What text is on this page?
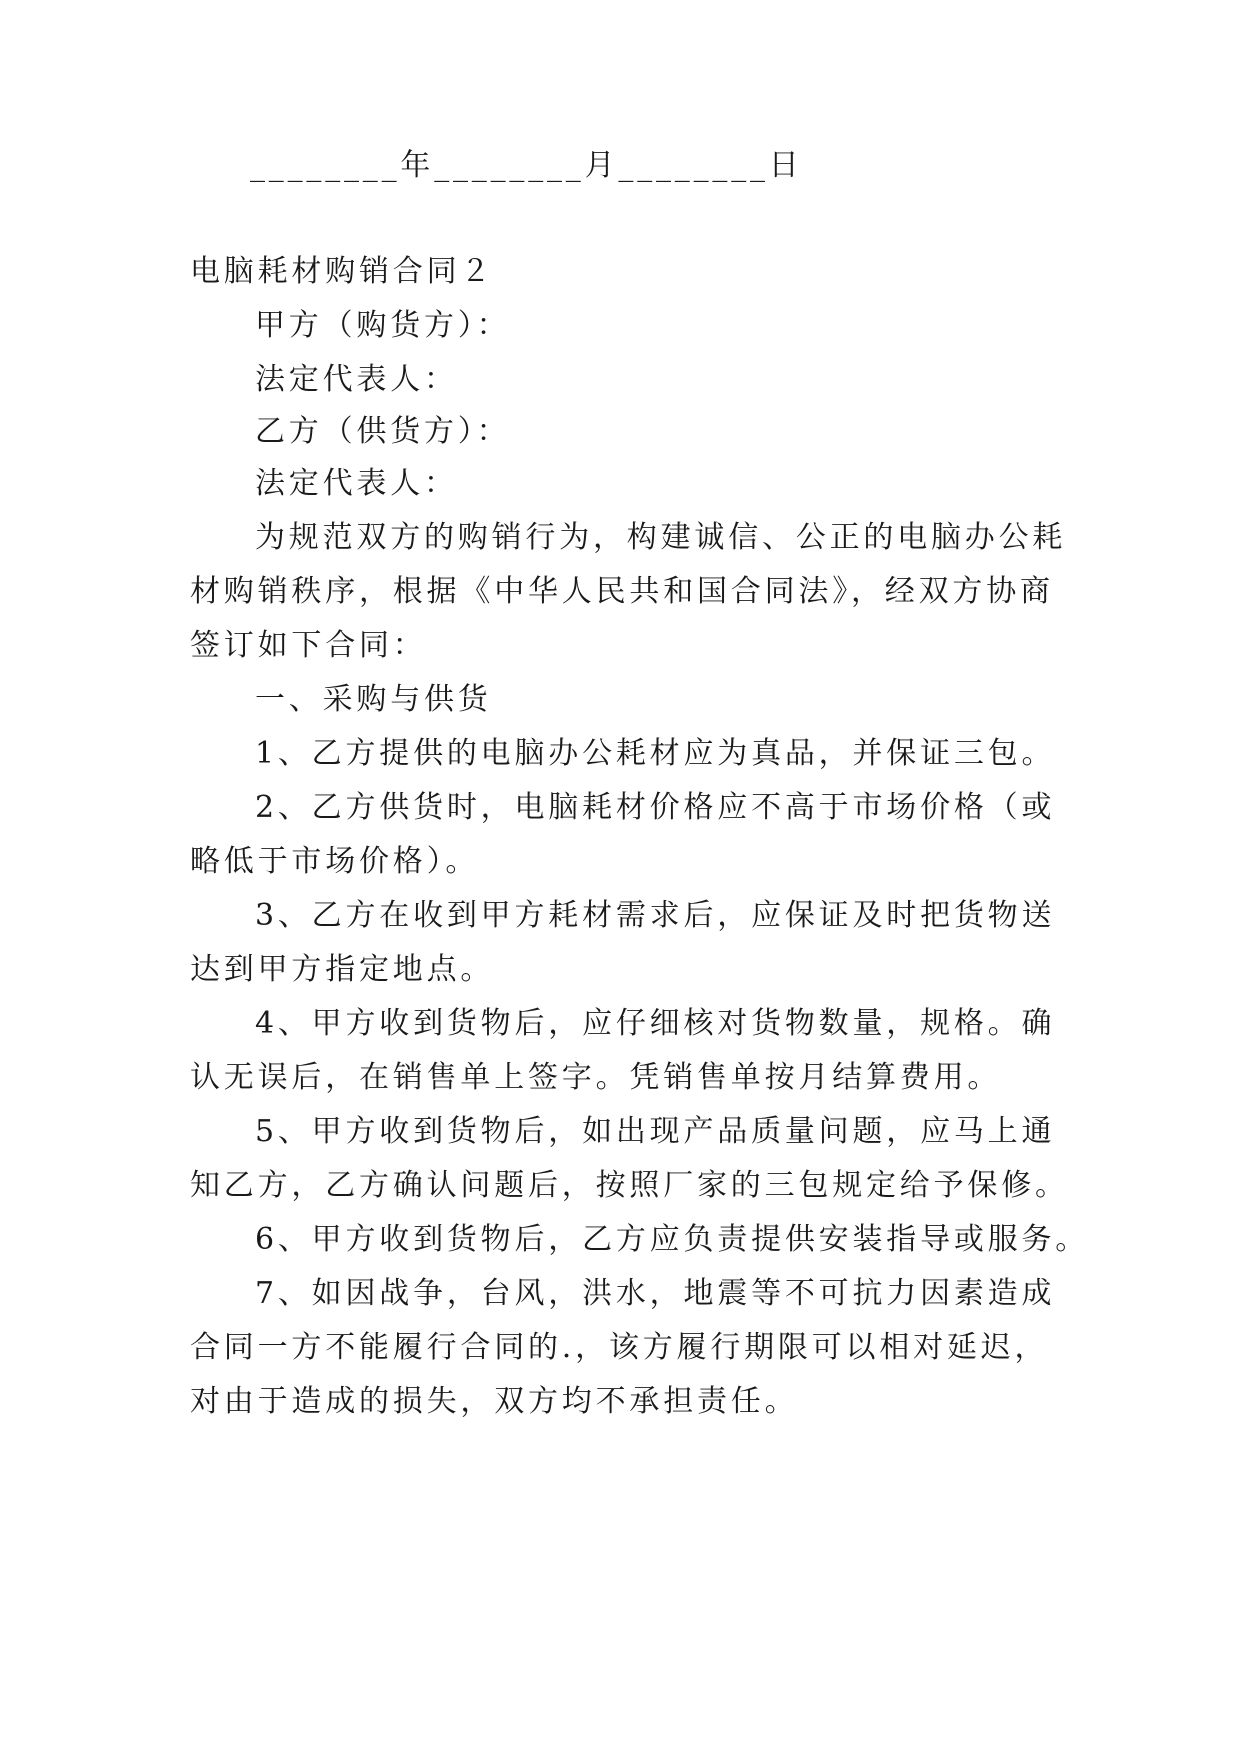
________年________月________日
电脑耗材购销合同２
甲方（购货方）：
法定代表人：
乙方（供货方）：
法定代表人：
为规范双方的购销行为，构建诚信、公正的电脑办公耗
材购销秩序，根据《中华人民共和国合同法》，经双方协商
签订如下合同：
一、采购与供货
1、乙方提供的电脑办公耗材应为真品，并保证三包。
2、乙方供货时，电脑耗材价格应不高于市场价格（或
略低于市场价格）。
3、乙方在收到甲方耗材需求后，应保证及时把货物送
达到甲方指定地点。
4、甲方收到货物后，应仔细核对货物数量，规格。确
认无误后，在销售单上签字。凭销售单按月结算费用。
5、甲方收到货物后，如出现产品质量问题，应马上通
知乙方，乙方确认问题后，按照厂家的三包规定给予保修。
6、甲方收到货物后，乙方应负责提供安装指导或服务。
7、如因战争，台风，洪水，地震等不可抗力因素造成
合同一方不能履行合同的.，该方履行期限可以相对延迟，
对由于造成的损失，双方均不承担责任。
